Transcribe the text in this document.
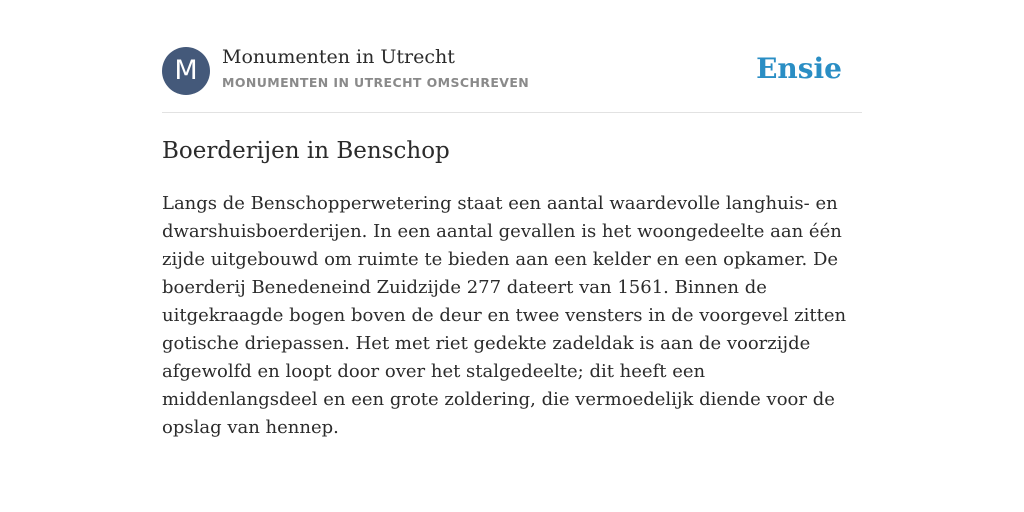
M	Monumenten in Utrecht
MONUMENTEN IN UTRECHT OMSCHREVEN	Ensie
Boerderijen in Benschop

Langs de Benschopperwetering staat een aantal waardevolle langhuis- en dwarshuisboerderijen. In een aantal gevallen is het woongedeelte aan één zijde uitgebouwd om ruimte te bieden aan een kelder en een opkamer. De boerderij Benedeneind Zuidzijde 277 dateert van 1561. Binnen de uitgekraagde bogen boven de deur en twee vensters in de voorgevel zitten gotische driepassen. Het met riet gedekte zadeldak is aan de voorzijde afgewolfd en loopt door over het stalgedeelte; dit heeft een middenlangsdeel en een grote zoldering, die vermoedelijk diende voor de opslag van hennep.
